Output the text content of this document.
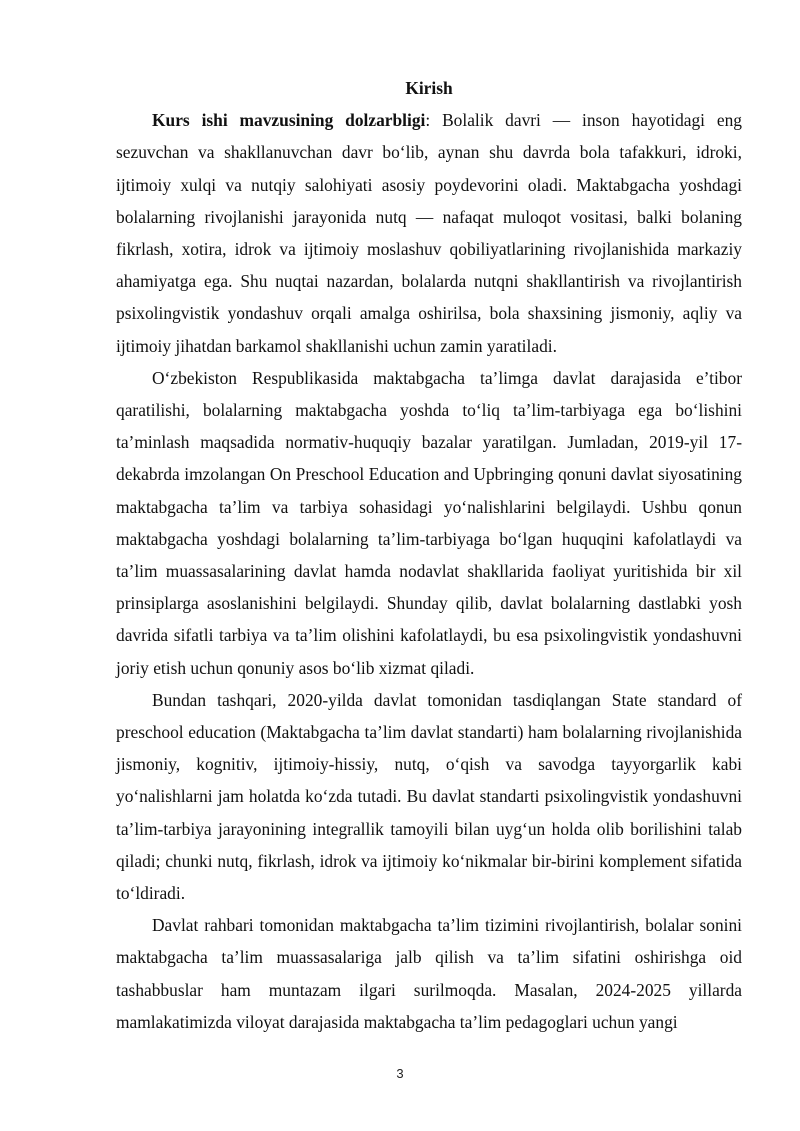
Kirish

Kurs ishi mavzusining dolzarbligi: Bolalik davri — inson hayotidagi eng sezuvchan va shakllanuvchan davr bo‘lib, aynan shu davrda bola tafakkuri, idroki, ijtimoiy xulqi va nutqiy salohiyati asosiy poydevorini oladi. Maktabgacha yoshdagi bolalarning rivojlanishi jarayonida nutq — nafaqat muloqot vositasi, balki bolaning fikrlash, xotira, idrok va ijtimoiy moslashuv qobiliyatlarining rivojlanishida markaziy ahamiyatga ega. Shu nuqtai nazardan, bolalarda nutqni shakllantirish va rivojlantirish psixolingvistik yondashuv orqali amalga oshirilsa, bola shaxsining jismoniy, aqliy va ijtimoiy jihatdan barkamol shakllanishi uchun zamin yaratiladi.

O‘zbekiston Respublikasida maktabgacha ta’limga davlat darajasida e’tibor qaratilishi, bolalarning maktabgacha yoshda to‘liq ta’lim-tarbiyaga ega bo‘lishini ta’minlash maqsadida normativ-huquqiy bazalar yaratilgan. Jumladan, 2019-yil 17-dekabrda imzolangan On Preschool Education and Upbringing qonuni davlat siyosatining maktabgacha ta’lim va tarbiya sohasidagi yo‘nalishlarini belgilaydi. Ushbu qonun maktabgacha yoshdagi bolalarning ta’lim-tarbiyaga bo‘lgan huquqini kafolatlaydi va ta’lim muassasalarining davlat hamda nodavlat shakllarida faoliyat yuritishida bir xil prinsiplarga asoslanishini belgilaydi. Shunday qilib, davlat bolalarning dastlabki yosh davrida sifatli tarbiya va ta’lim olishini kafolatlaydi, bu esa psixolingvistik yondashuvni joriy etish uchun qonuniy asos bo‘lib xizmat qiladi.

Bundan tashqari, 2020-yilda davlat tomonidan tasdiqlangan State standard of preschool education (Maktabgacha ta’lim davlat standarti) ham bolalarning rivojlanishida jismoniy, kognitiv, ijtimoiy-hissiy, nutq, o‘qish va savodga tayyorgarlik kabi yo‘nalishlarni jam holatda ko‘zda tutadi. Bu davlat standarti psixolingvistik yondashuvni ta’lim-tarbiya jarayonining integrallik tamoyili bilan uyg‘un holda olib borilishini talab qiladi; chunki nutq, fikrlash, idrok va ijtimoiy ko‘nikmalar bir-birini komplement sifatida to‘ldiradi.

Davlat rahbari tomonidan maktabgacha ta’lim tizimini rivojlantirish, bolalar sonini maktabgacha ta’lim muassasalariga jalb qilish va ta’lim sifatini oshirishga oid tashabbuslar ham muntazam ilgari surilmoqda. Masalan, 2024-2025 yillarda mamlakatimizda viloyat darajasida maktabgacha ta’lim pedagoglari uchun yangi

3
